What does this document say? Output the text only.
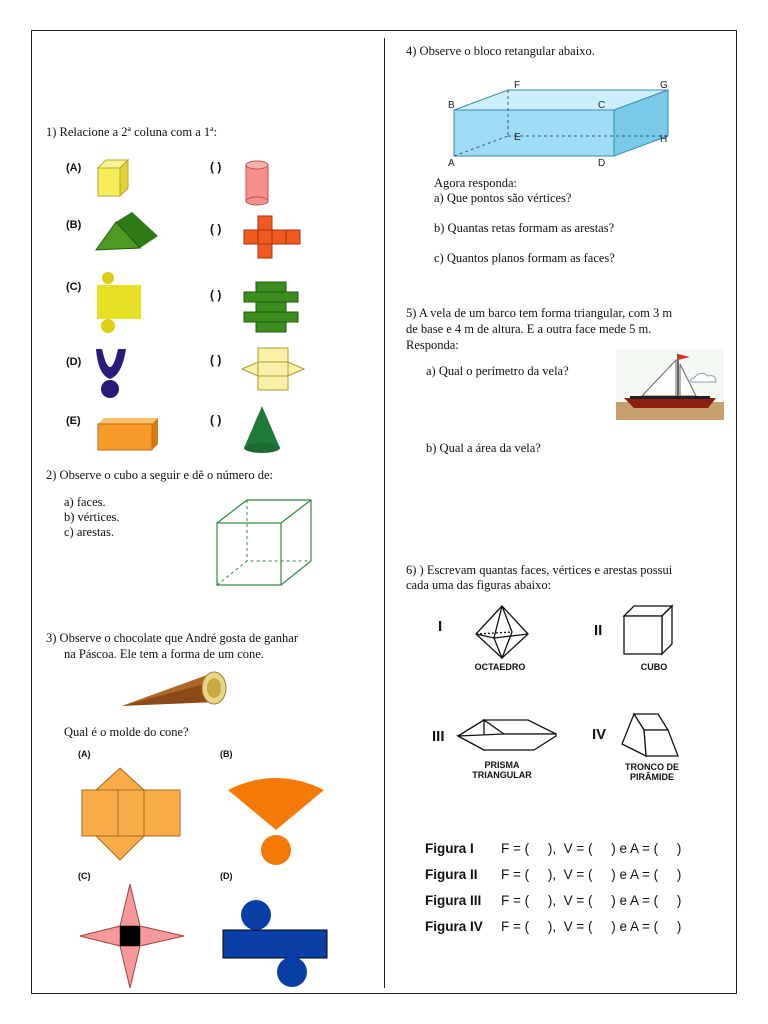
1) Relacione a 2ª coluna com a 1ª:
(A)
(B)
(C)
(D)
(E)
( )
( )
( )
( )
( )
2) Observe o cubo a seguir e dê o número de:
a) faces.
b) vértices.
c) arestas.
3) Observe o chocolate que André gosta de ganhar
na Páscoa. Ele tem a forma de um cone.
Qual é o molde do cone?
(A)	(B)
(C)	(D)
4) Observe o bloco retangular abaixo.
A
B	C
D
E
F	G
H
Agora responda:
a) Que pontos são vértices?
b) Quantas retas formam as arestas?
c) Quantos planos formam as faces?
5) A vela de um barco tem forma triangular, com 3 m
de base e 4 m de altura. E a outra face mede 5 m.
Responda:
a) Qual o perímetro da vela?
b) Qual a área da vela?
6) ) Escrevam quantas faces, vértices e arestas possui
cada uma das figuras abaixo:
I
OCTAEDRO
II
CUBO
III
PRISMA TRIANGULAR
IV
TRONCO DE PIRÂMIDE
Figura I F = (     ),  V = (     ) e A = (     )
Figura II F = (     ),  V = (     ) e A = (     )
Figura III F = (     ),  V = (     ) e A = (     )
Figura IV F = (     ),  V = (     ) e A = (     )
